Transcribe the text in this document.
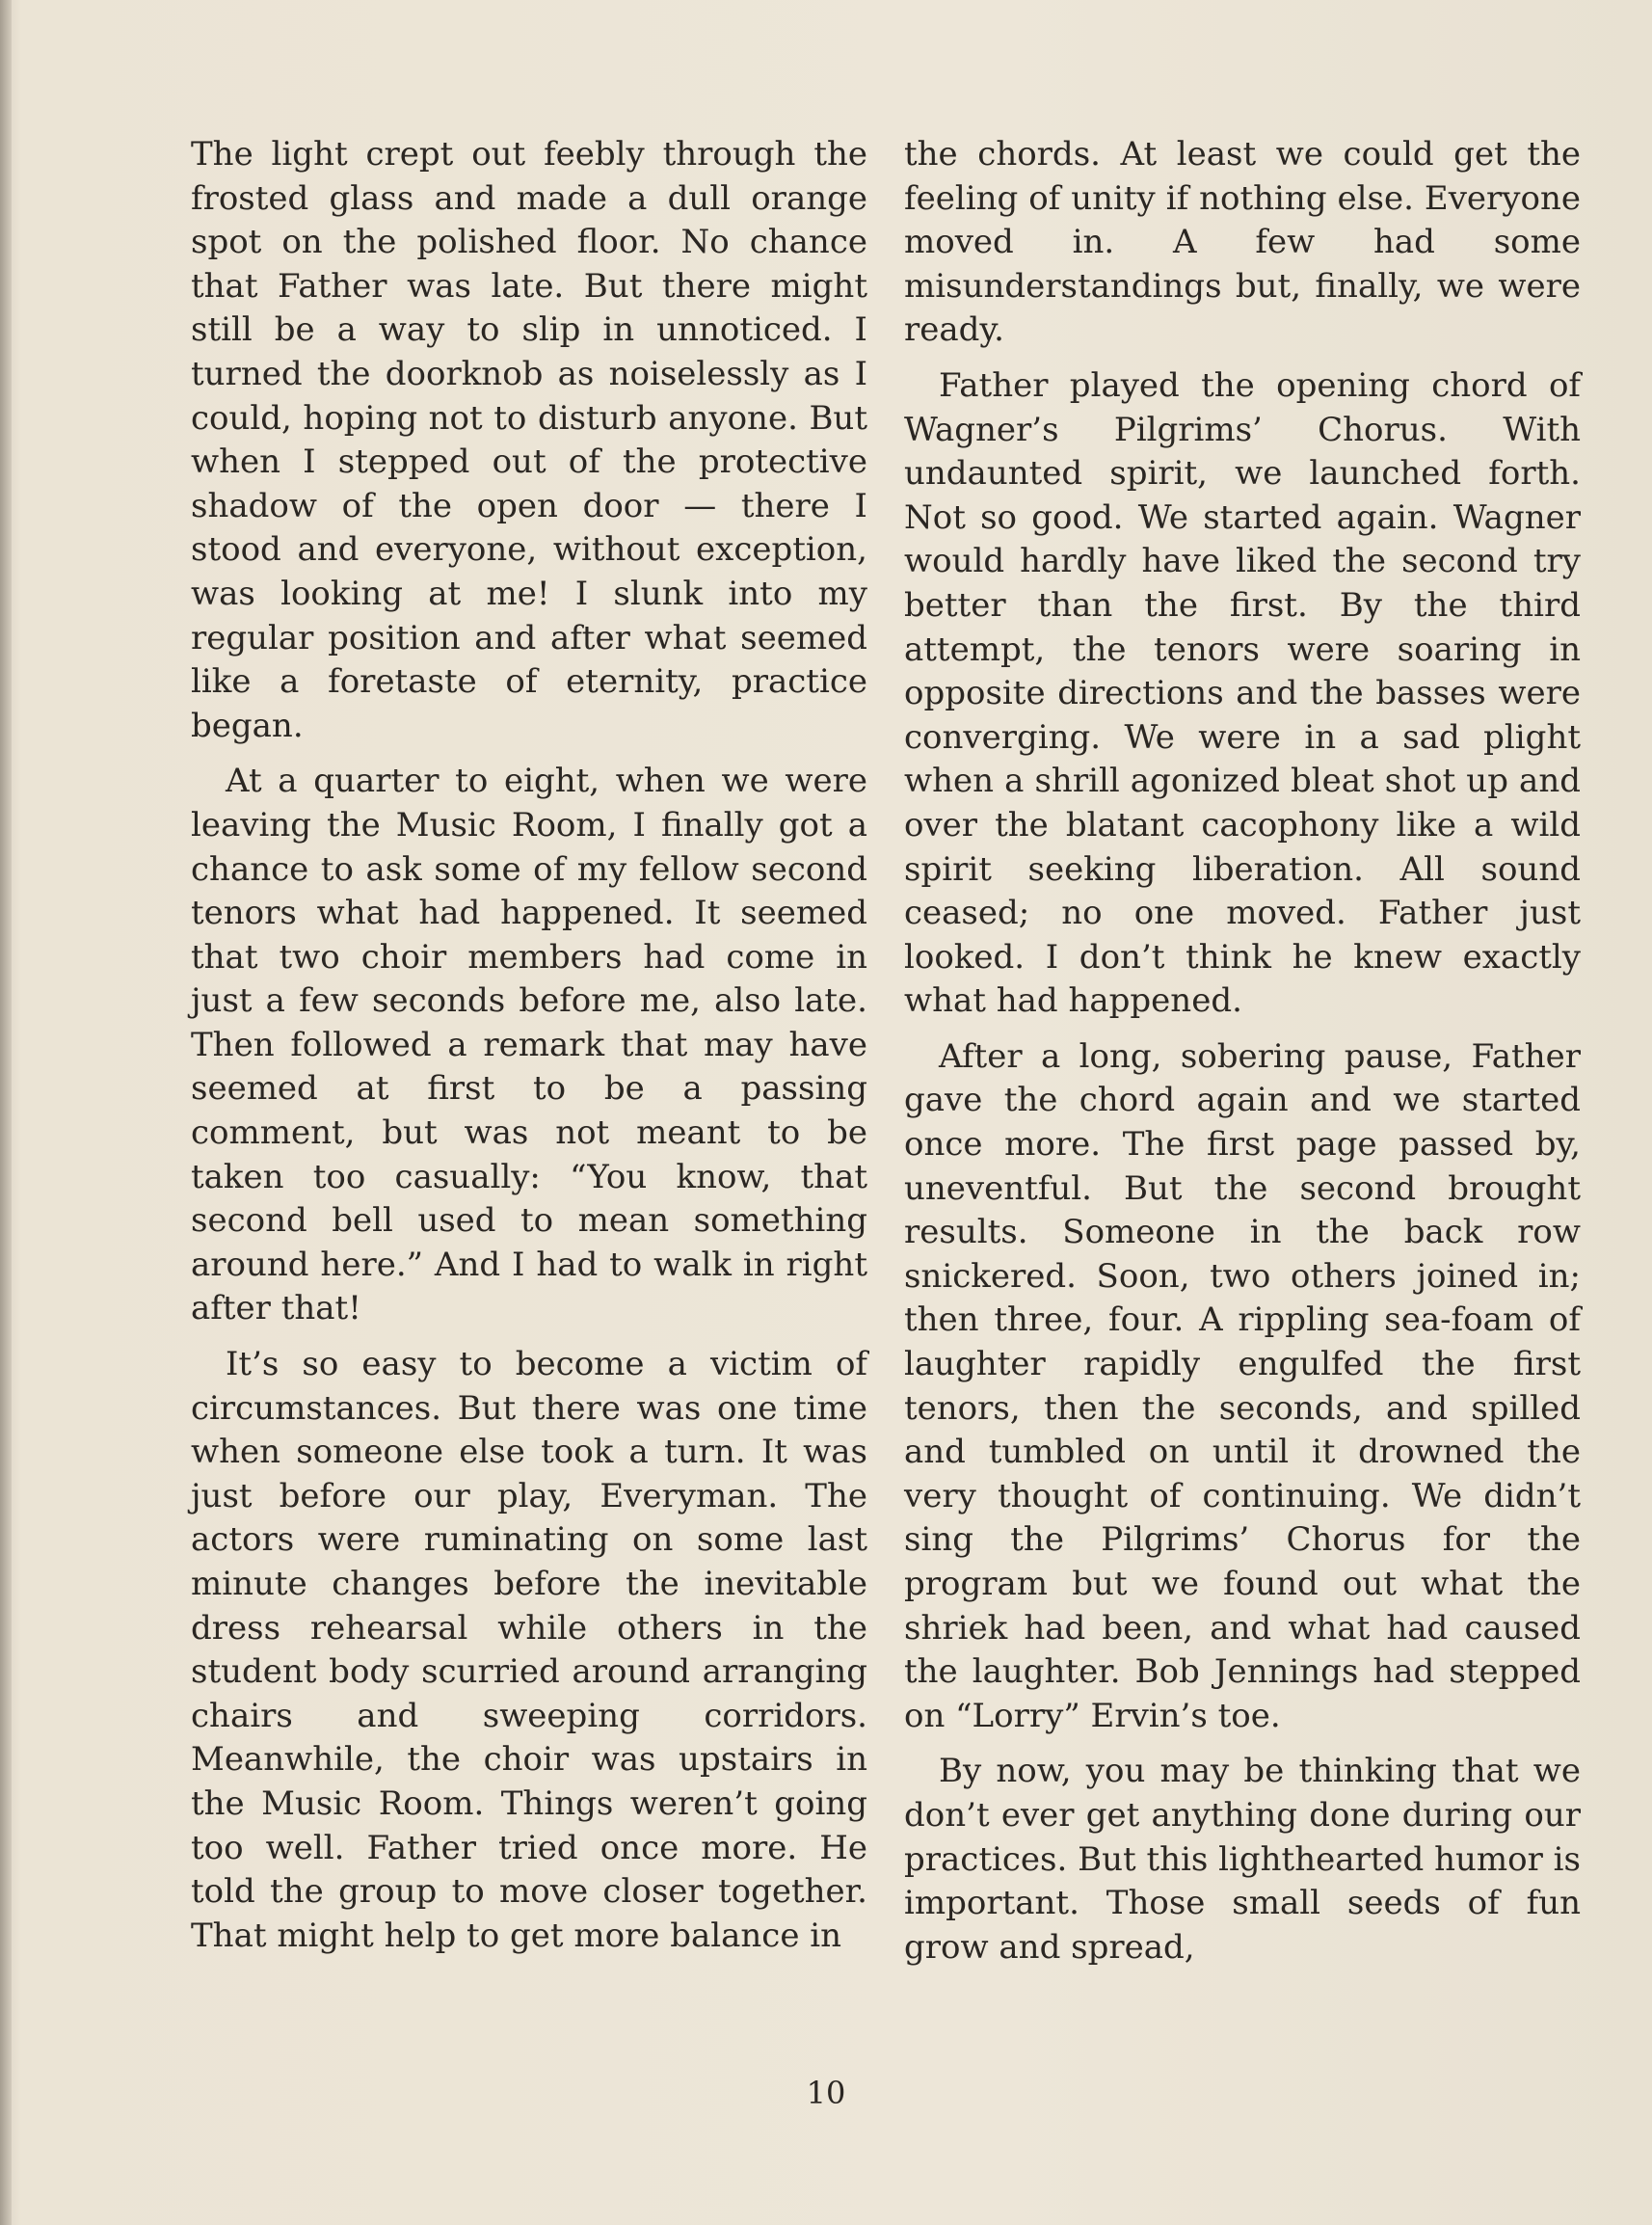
The light crept out feebly through the frosted glass and made a dull orange spot on the polished floor. No chance that Father was late. But there might still be a way to slip in unnoticed. I turned the doorknob as noiselessly as I could, hoping not to disturb anyone. But when I stepped out of the protective shadow of the open door — there I stood and everyone, without exception, was looking at me! I slunk into my regular position and after what seemed like a foretaste of eternity, practice began.

At a quarter to eight, when we were leaving the Music Room, I finally got a chance to ask some of my fellow second tenors what had happened. It seemed that two choir members had come in just a few seconds before me, also late. Then followed a remark that may have seemed at first to be a passing comment, but was not meant to be taken too casually: “You know, that second bell used to mean something around here.” And I had to walk in right after that!

It’s so easy to become a victim of circumstances. But there was one time when someone else took a turn. It was just before our play, Everyman. The actors were ruminating on some last minute changes before the inevitable dress rehearsal while others in the student body scurried around arranging chairs and sweeping corridors. Meanwhile, the choir was upstairs in the Music Room. Things weren’t going too well. Father tried once more. He told the group to move closer together. That might help to get more balance in

the chords. At least we could get the feeling of unity if nothing else. Everyone moved in. A few had some misunderstandings but, finally, we were ready.

Father played the opening chord of Wagner’s Pilgrims’ Chorus. With undaunted spirit, we launched forth. Not so good. We started again. Wagner would hardly have liked the second try better than the first. By the third attempt, the tenors were soaring in opposite directions and the basses were converging. We were in a sad plight when a shrill agonized bleat shot up and over the blatant cacophony like a wild spirit seeking liberation. All sound ceased; no one moved. Father just looked. I don’t think he knew exactly what had happened.

After a long, sobering pause, Father gave the chord again and we started once more. The first page passed by, uneventful. But the second brought results. Someone in the back row snickered. Soon, two others joined in; then three, four. A rippling sea-foam of laughter rapidly engulfed the first tenors, then the seconds, and spilled and tumbled on until it drowned the very thought of continuing. We didn’t sing the Pilgrims’ Chorus for the program but we found out what the shriek had been, and what had caused the laughter. Bob Jennings had stepped on “Lorry” Ervin’s toe.

By now, you may be thinking that we don’t ever get anything done during our practices. But this lighthearted humor is important. Those small seeds of fun grow and spread,

10
